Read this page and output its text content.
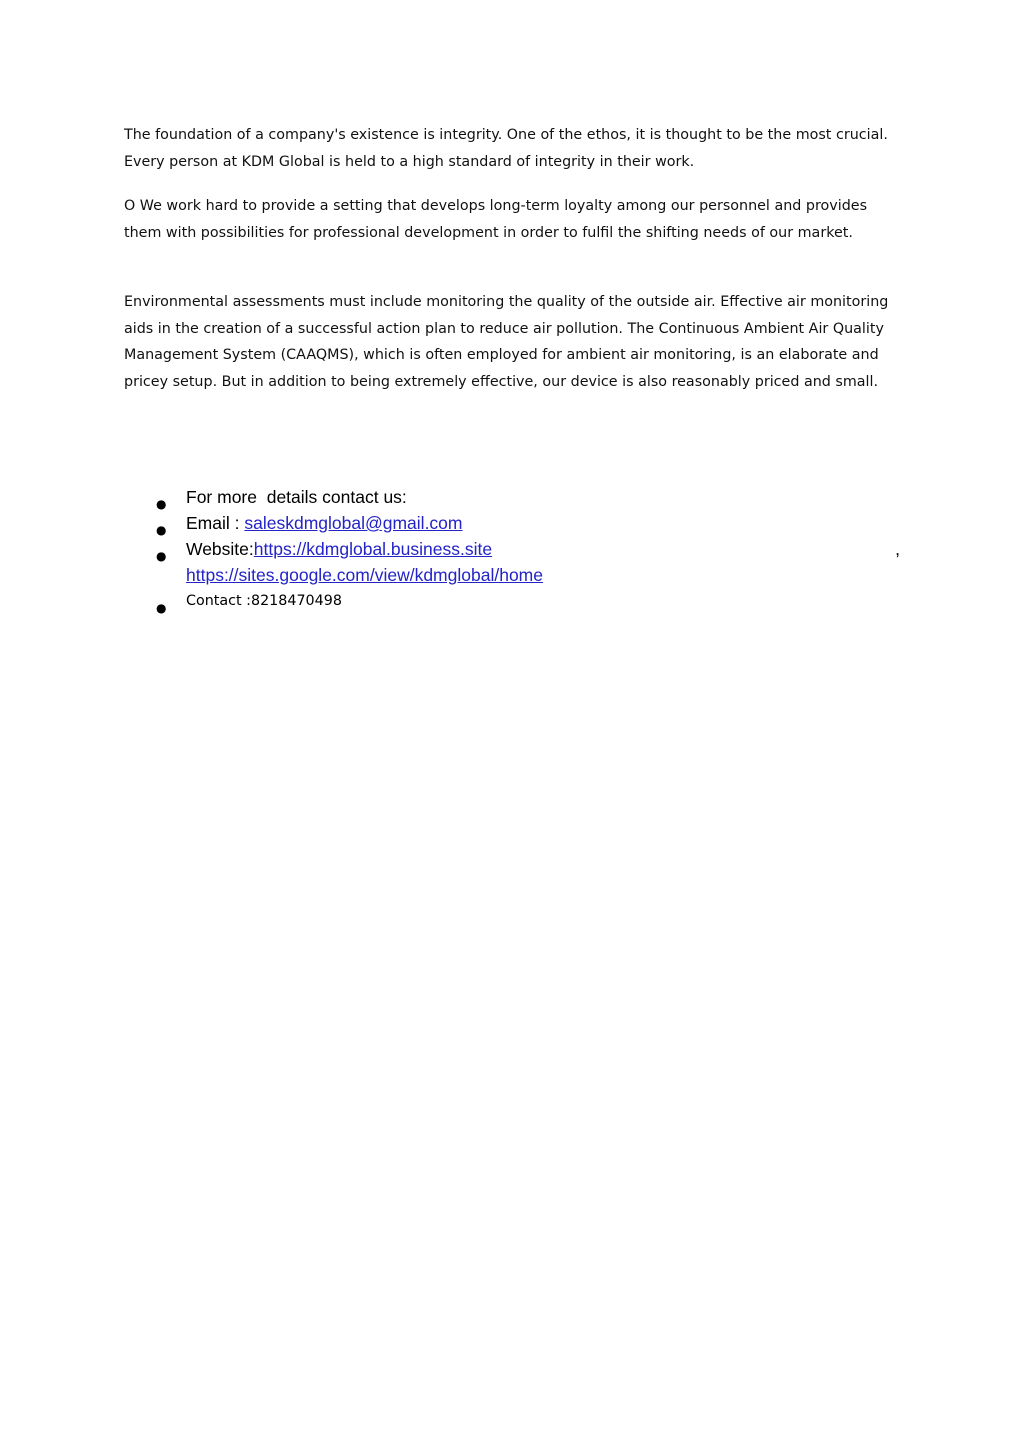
The foundation of a company's existence is integrity. One of the ethos, it is thought to be the most crucial. Every person at KDM Global is held to a high standard of integrity in their work.

O We work hard to provide a setting that develops long-term loyalty among our personnel and provides them with possibilities for professional development in order to fulfil the shifting needs of our market.

Environmental assessments must include monitoring the quality of the outside air. Effective air monitoring aids in the creation of a successful action plan to reduce air pollution. The Continuous Ambient Air Quality Management System (CAAQMS), which is often employed for ambient air monitoring, is an elaborate and pricey setup. But in addition to being extremely effective, our device is also reasonably priced and small.

● For more  details contact us:
● Email : saleskdmglobal@gmail.com
● Website:https://kdmglobal.business.site	,
https://sites.google.com/view/kdmglobal/home
● Contact :8218470498
